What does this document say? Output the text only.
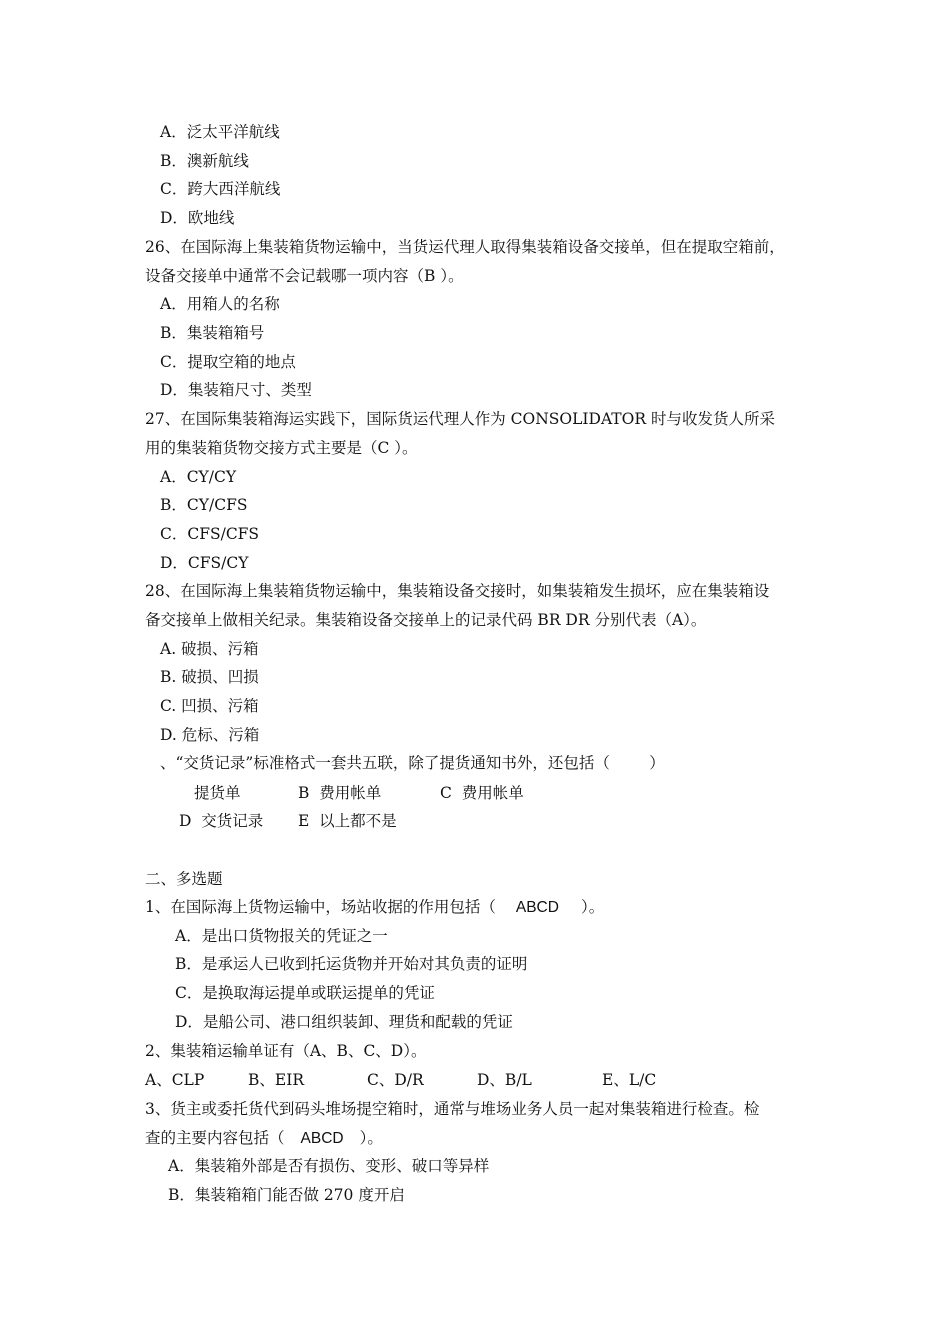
A．泛太平洋航线
B．澳新航线
C．跨大西洋航线
D．欧地线
26、在国际海上集装箱货物运输中，当货运代理人取得集装箱设备交接单，但在提取空箱前，
设备交接单中通常不会记载哪一项内容（B ）。
A．用箱人的名称
B．集装箱箱号
C．提取空箱的地点
D．集装箱尺寸、类型
27、在国际集装箱海运实践下，国际货运代理人作为 CONSOLIDATOR 时与收发货人所采
用的集装箱货物交接方式主要是（C ）。
A．CY/CY
B．CY/CFS
C．CFS/CFS
D．CFS/CY
28、在国际海上集装箱货物运输中，集装箱设备交接时，如集装箱发生损坏，应在集装箱设
备交接单上做相关纪录。集装箱设备交接单上的记录代码 BR DR 分别代表（A）。
A. 破损、污箱
B. 破损、凹损
C. 凹损、污箱
D. 危标、污箱
、“交货记录”标准格式一套共五联，除了提货通知书外，还包括（        ）
提货单	B  费用帐单	C  费用帐单
D  交货记录 E  以上都不是
二、多选题
1、在国际海上货物运输中，场站收据的作用包括（ ABCD ）。
A．是出口货物报关的凭证之一
B．是承运人已收到托运货物并开始对其负责的证明
C．是换取海运提单或联运提单的凭证
D．是船公司、港口组织装卸、理货和配载的凭证
2、集装箱运输单证有（A、B、C、D）。
A、CLP	B、EIR	C、D/R	D、B/L	E、L/C
3、货主或委托货代到码头堆场提空箱时，通常与堆场业务人员一起对集装箱进行检查。检
查的主要内容包括（ ABCD ）。
A．集装箱外部是否有损伤、变形、破口等异样
B．集装箱箱门能否做 270 度开启
